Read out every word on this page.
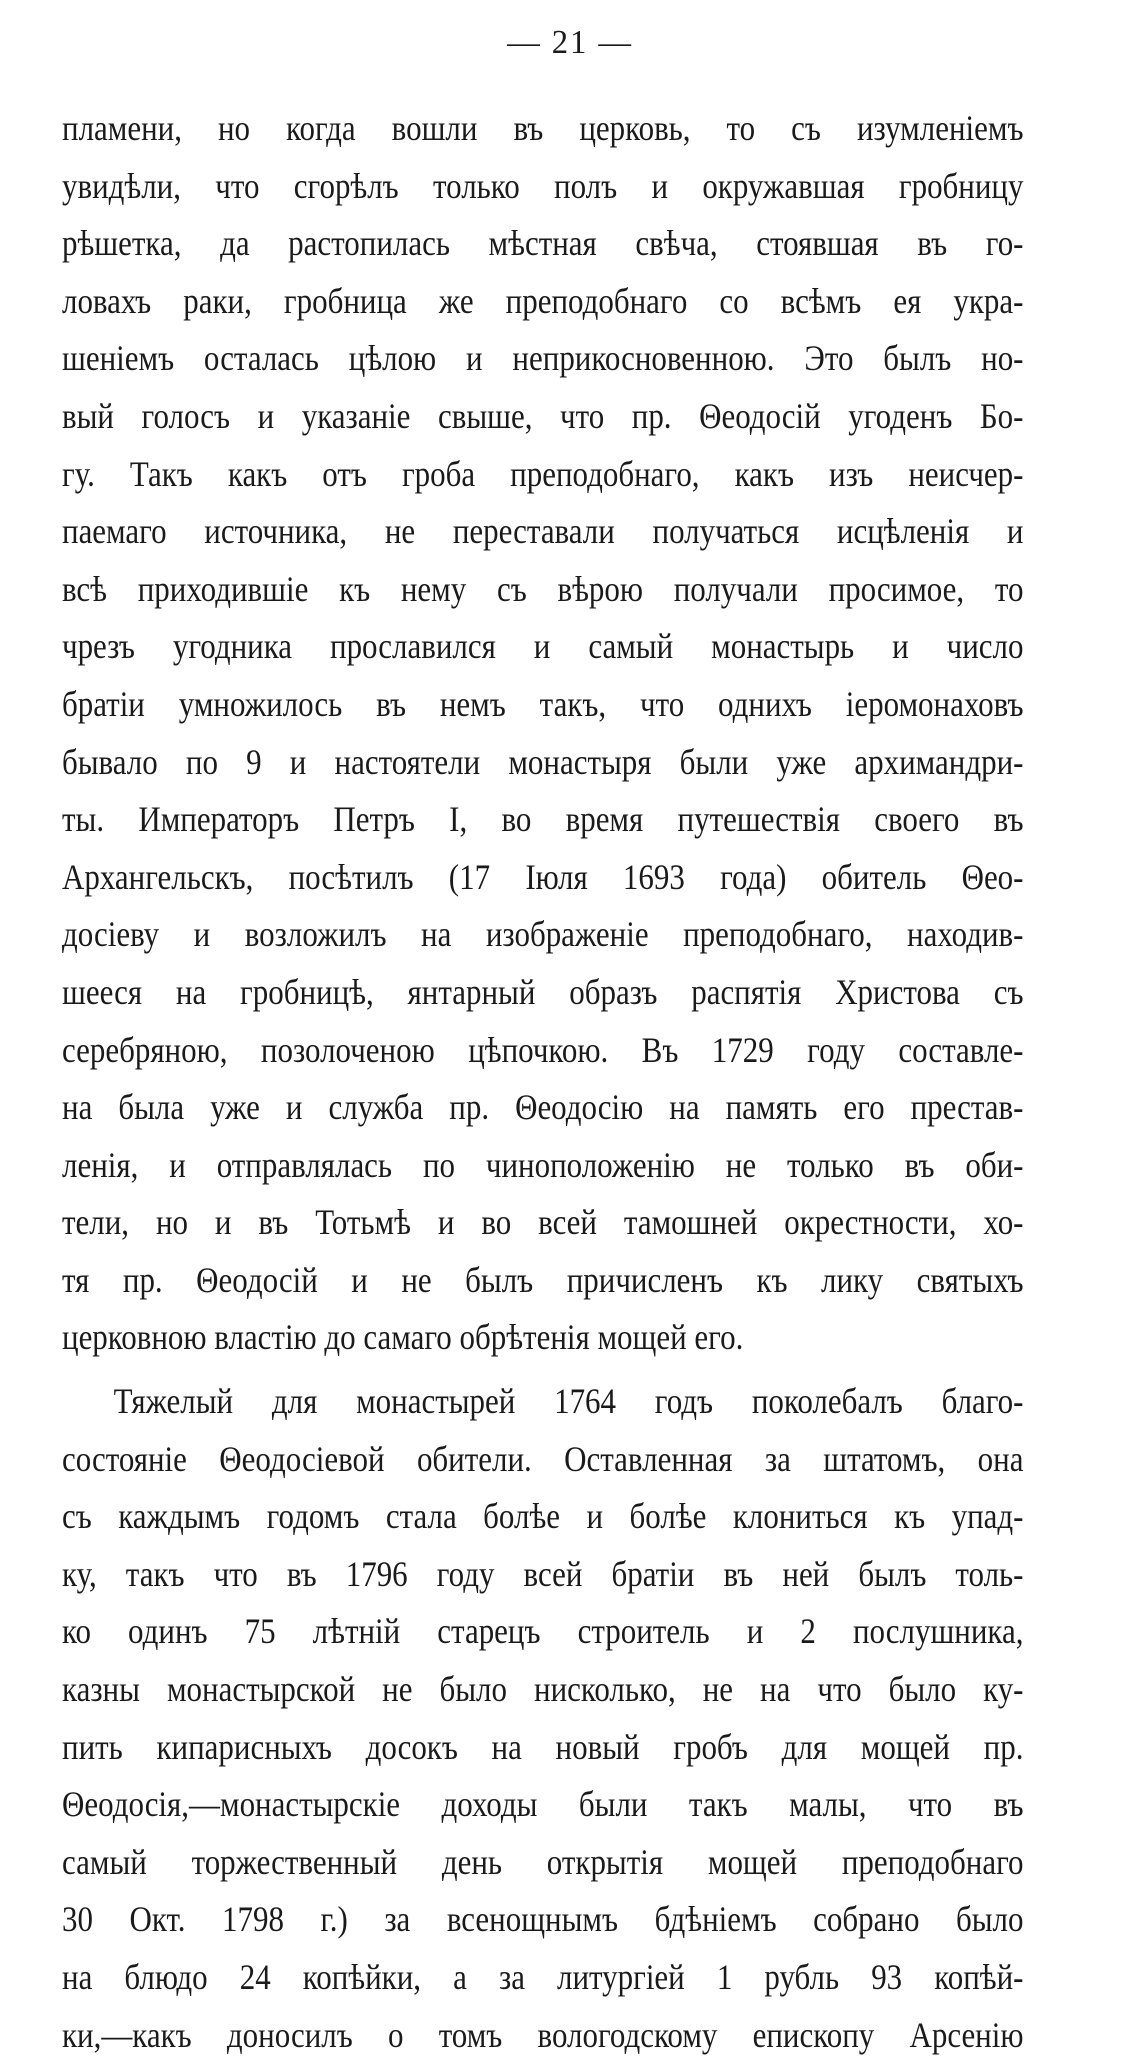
— 21 —
пламени, но когда вошли въ церковь, то съ изумленіемъ
увидѣли, что сгорѣлъ только полъ и окружавшая гробницу
рѣшетка, да растопилась мѣстная свѣча, стоявшая въ го-
ловахъ раки, гробница же преподобнаго со всѣмъ ея укра-
шеніемъ осталась цѣлою и неприкосновенною. Это былъ но-
вый голосъ и указаніе свыше, что пр. Θеодосій угоденъ Бо-
гу. Такъ какъ отъ гроба преподобнаго, какъ изъ неисчер-
паемаго источника, не переставали получаться исцѣленія и
всѣ приходившіе къ нему съ вѣрою получали просимое, то
чрезъ угодника прославился и самый монастырь и число
братіи умножилось въ немъ такъ, что однихъ іеромонаховъ
бывало по 9 и настоятели монастыря были уже архимандри-
ты. Императоръ Петръ I, во время путешествія своего въ
Архангельскъ, посѣтилъ (17 Іюля 1693 года) обитель Θео-
досіеву и возложилъ на изображеніе преподобнаго, находив-
шееся на гробницѣ, янтарный образъ распятія Христова съ
серебряною, позолоченою цѣпочкою. Въ 1729 году составле-
на была уже и служба пр. Θеодосію на память его престав-
ленія, и отправлялась по чиноположенію не только въ оби-
тели, но и въ Тотьмѣ и во всей тамошней окрестности, хо-
тя пр. Θеодосій и не былъ причисленъ къ лику святыхъ
церковною властію до самаго обрѣтенія мощей его.
Тяжелый для монастырей 1764 годъ поколебалъ благо-
состояніе Θеодосіевой обители. Оставленная за штатомъ, она
съ каждымъ годомъ стала болѣе и болѣе клониться къ упад-
ку, такъ что въ 1796 году всей братіи въ ней былъ толь-
ко одинъ 75 лѣтній старецъ строитель и 2 послушника,
казны монастырской не было нисколько, не на что было ку-
пить кипарисныхъ досокъ на новый гробъ для мощей пр.
Θеодосія,—монастырскіе доходы были такъ малы, что въ
самый торжественный день открытія мощей преподобнаго
30 Окт. 1798 г.) за всенощнымъ бдѣніемъ собрано было
на блюдо 24 копѣйки, а за литургіей 1 рубль 93 копѣй-
ки,—какъ доносилъ о томъ вологодскому епископу Арсенію
